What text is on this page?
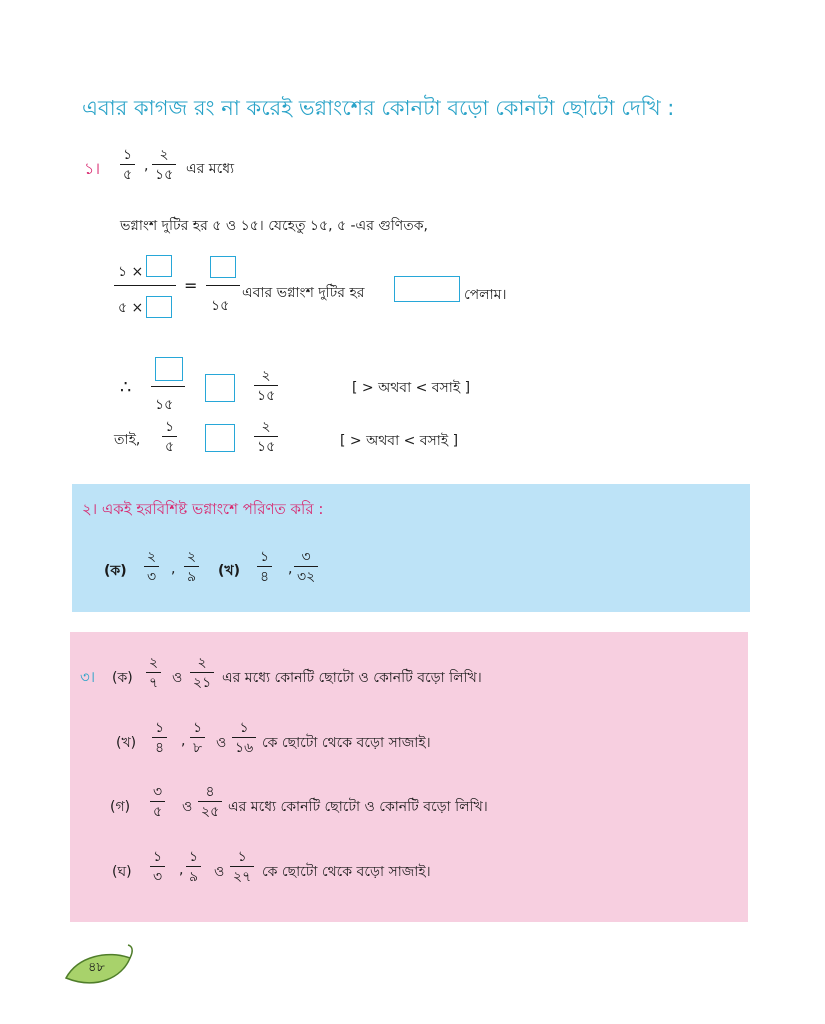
এবার কাগজ রং না করেই ভগ্নাংশের কোনটা বড়ো কোনটা ছোটো দেখি :
১।
১
৫
,
২
১৫ এর মধ্যে
ভগ্নাংশ দুটির হর ৫ ও ১৫। যেহেতু ১৫, ৫ -এর গুণিতক,
১ ×
৫ ×
=
১৫
এবার ভগ্নাংশ দুটির হর	পেলাম।
∴
১৫
২
১৫	[ > অথবা < বসাই ]
তাই,
১
৫
২
১৫	[ > অথবা < বসাই ]
২। একই হরবিশিষ্ট ভগ্নাংশে পরিণত করি :
(ক)
২
৩ ,
২
৯ (খ)
১
৪ ,
৩
৩২
৩। (ক)
২
৭ ও
২
২১ এর মধ্যে কোনটি ছোটো ও কোনটি বড়ো লিখি।
(খ)
১
৪ ,
১
৮ ও
১
১৬ কে ছোটো থেকে বড়ো সাজাই।
(গ)
৩
৫ ও
৪
২৫ এর মধ্যে কোনটি ছোটো ও কোনটি বড়ো লিখি।
(ঘ)
১
৩ ,
১
৯ ও
১
২৭ কে ছোটো থেকে বড়ো সাজাই।
৪৮
